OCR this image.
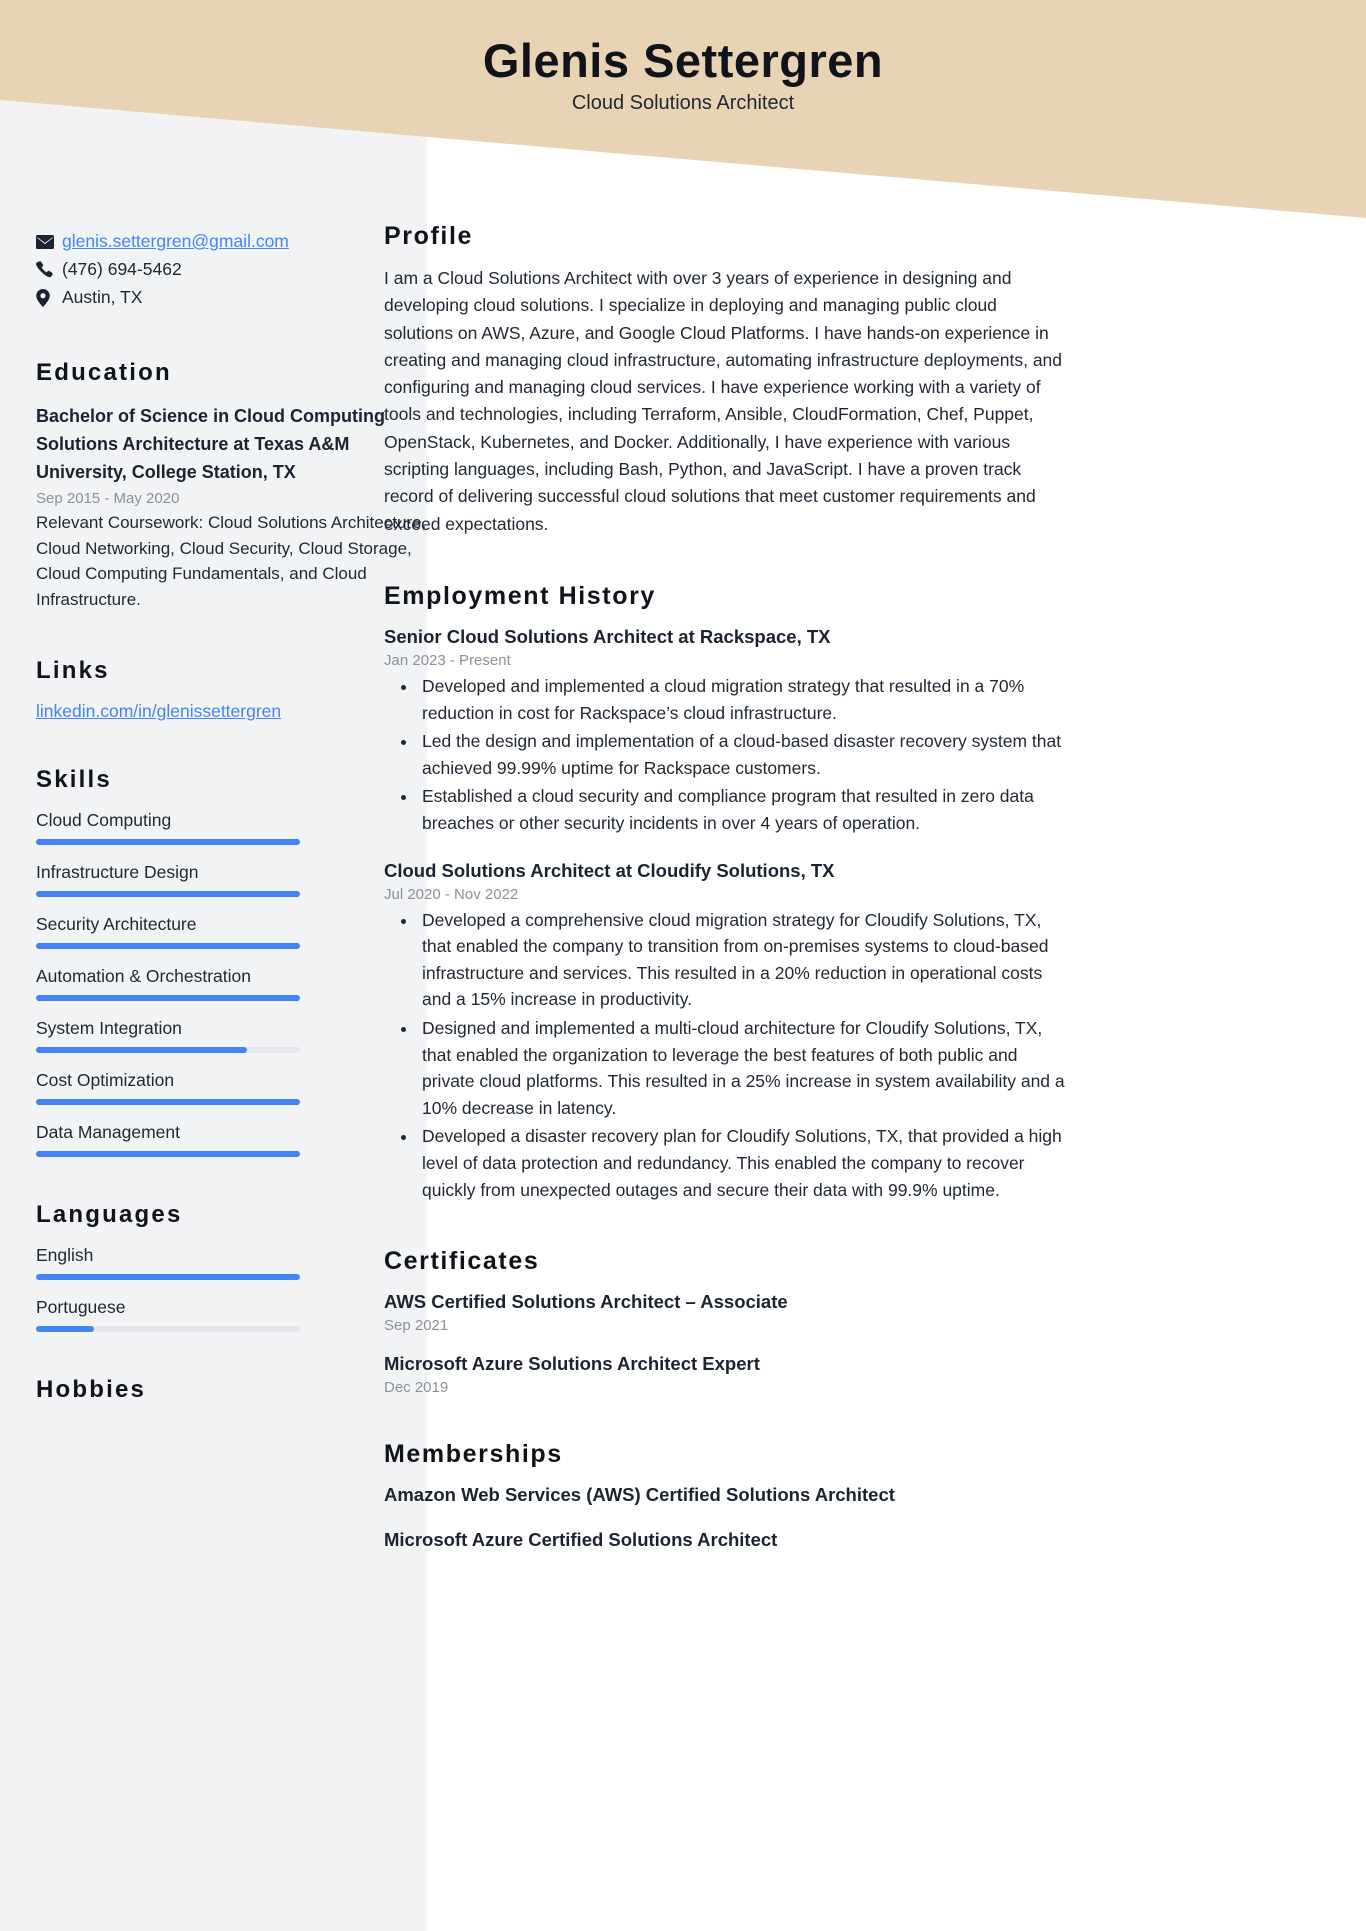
Glenis Settergren
Cloud Solutions Architect
glenis.settergren@gmail.com
(476) 694-5462
Austin, TX
Education
Bachelor of Science in Cloud Computing Solutions Architecture at Texas A&M University, College Station, TX
Sep 2015 - May 2020
Relevant Coursework: Cloud Solutions Architecture, Cloud Networking, Cloud Security, Cloud Storage, Cloud Computing Fundamentals, and Cloud Infrastructure.
Links
linkedin.com/in/glenissettergren
Skills
Cloud Computing
Infrastructure Design
Security Architecture
Automation & Orchestration
System Integration
Cost Optimization
Data Management
Languages
English
Portuguese
Hobbies
Profile

I am a Cloud Solutions Architect with over 3 years of experience in designing and developing cloud solutions. I specialize in deploying and managing public cloud solutions on AWS, Azure, and Google Cloud Platforms. I have hands-on experience in creating and managing cloud infrastructure, automating infrastructure deployments, and configuring and managing cloud services. I have experience working with a variety of tools and technologies, including Terraform, Ansible, CloudFormation, Chef, Puppet, OpenStack, Kubernetes, and Docker. Additionally, I have experience with various scripting languages, including Bash, Python, and JavaScript. I have a proven track record of delivering successful cloud solutions that meet customer requirements and exceed expectations.

Employment History
Senior Cloud Solutions Architect at Rackspace, TX
Jan 2023 - Present
• Developed and implemented a cloud migration strategy that resulted in a 70% reduction in cost for Rackspace’s cloud infrastructure.
• Led the design and implementation of a cloud-based disaster recovery system that achieved 99.99% uptime for Rackspace customers.
• Established a cloud security and compliance program that resulted in zero data breaches or other security incidents in over 4 years of operation.
Cloud Solutions Architect at Cloudify Solutions, TX
Jul 2020 - Nov 2022
• Developed a comprehensive cloud migration strategy for Cloudify Solutions, TX, that enabled the company to transition from on-premises systems to cloud-based infrastructure and services. This resulted in a 20% reduction in operational costs and a 15% increase in productivity.
• Designed and implemented a multi-cloud architecture for Cloudify Solutions, TX, that enabled the organization to leverage the best features of both public and private cloud platforms. This resulted in a 25% increase in system availability and a 10% decrease in latency.
• Developed a disaster recovery plan for Cloudify Solutions, TX, that provided a high level of data protection and redundancy. This enabled the company to recover quickly from unexpected outages and secure their data with 99.9% uptime.
Certificates
AWS Certified Solutions Architect – Associate
Sep 2021
Microsoft Azure Solutions Architect Expert
Dec 2019
Memberships
Amazon Web Services (AWS) Certified Solutions Architect
Microsoft Azure Certified Solutions Architect
